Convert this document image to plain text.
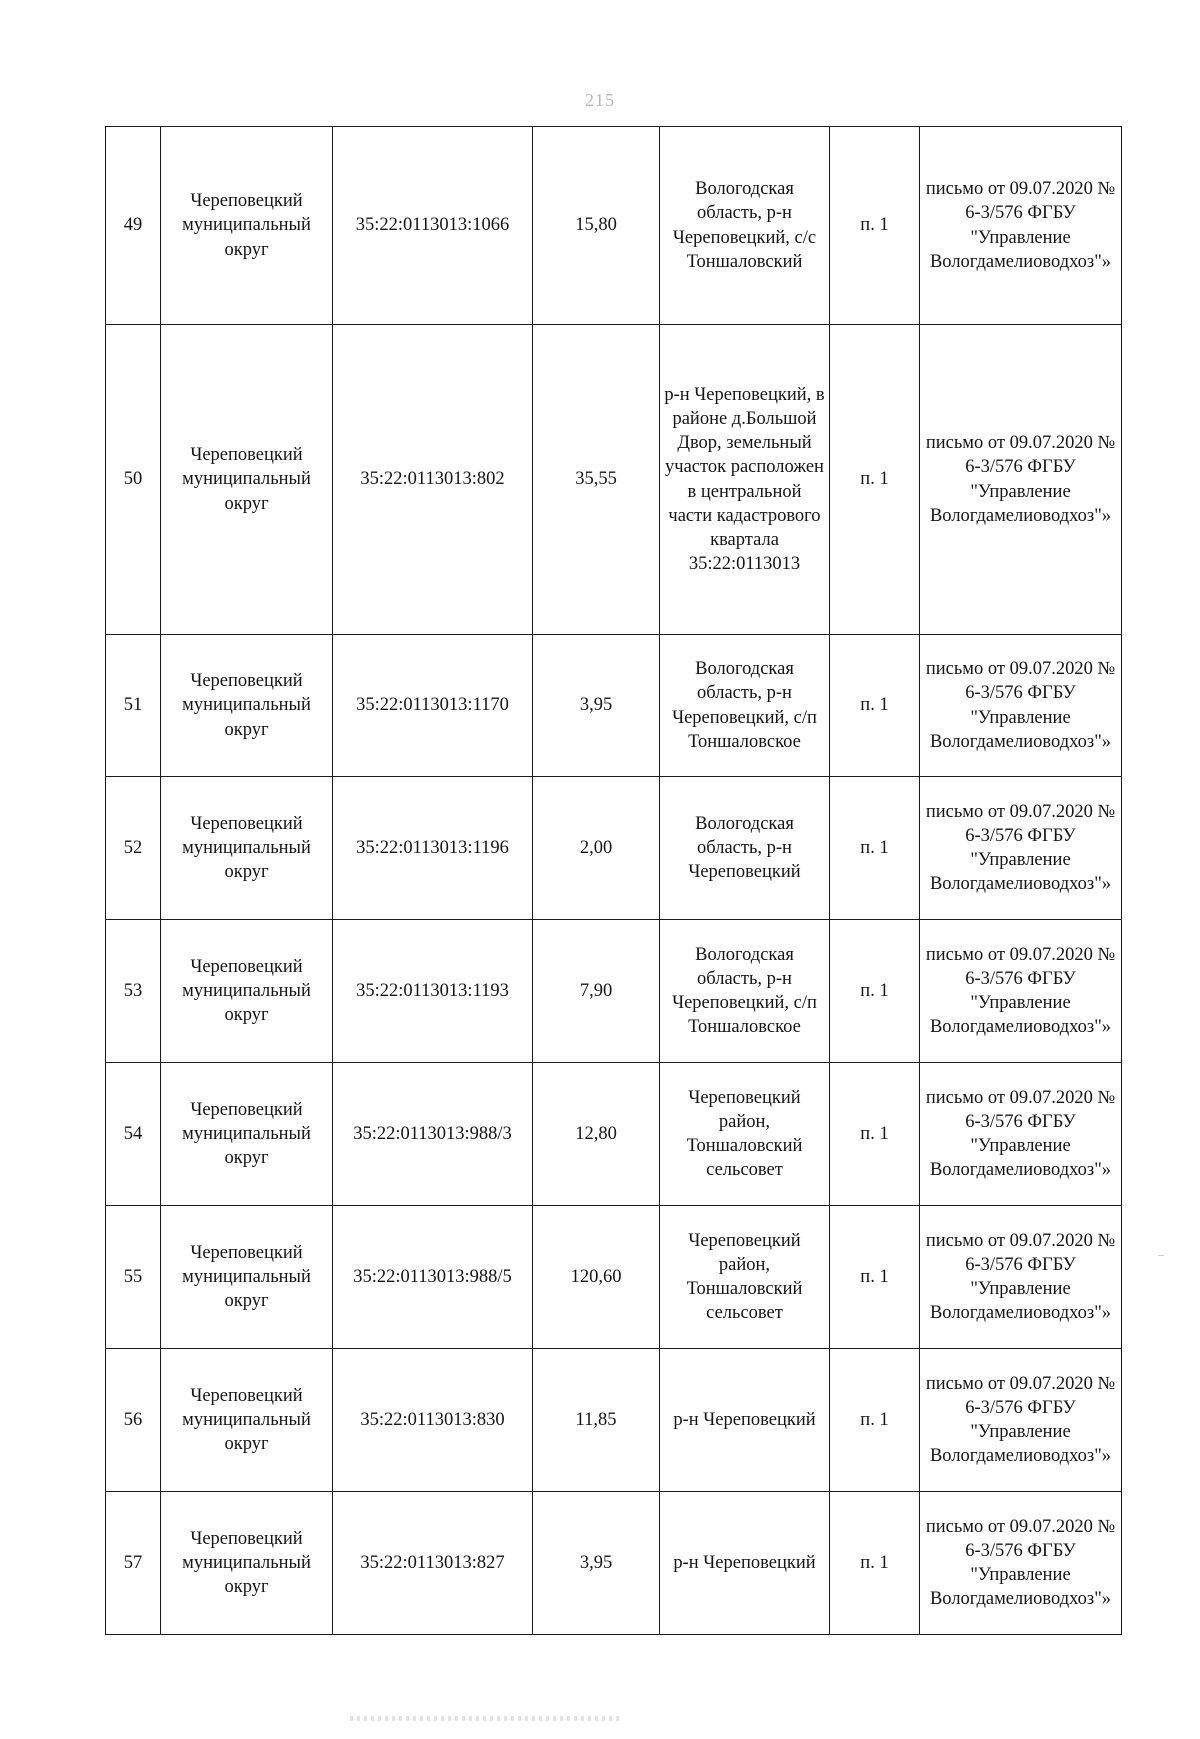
215
49	Череповецкий муниципальный округ	35:22:0113013:1066	15,80	Вологодская область, р-н Череповецкий, с/с Тоншаловский	п. 1	письмо от 09.07.2020 № 6-3/576 ФГБУ "Управление Вологдамелиоводхоз"»
50	Череповецкий муниципальный округ	35:22:0113013:802	35,55	р-н Череповецкий, в районе д.Большой Двор, земельный участок расположен в центральной части кадастрового квартала 35:22:0113013	п. 1	письмо от 09.07.2020 № 6-3/576 ФГБУ "Управление Вологдамелиоводхоз"»
51	Череповецкий муниципальный округ	35:22:0113013:1170	3,95	Вологодская область, р-н Череповецкий, с/п Тоншаловское	п. 1	письмо от 09.07.2020 № 6-3/576 ФГБУ "Управление Вологдамелиоводхоз"»
52	Череповецкий муниципальный округ	35:22:0113013:1196	2,00	Вологодская область, р-н Череповецкий	п. 1	письмо от 09.07.2020 № 6-3/576 ФГБУ "Управление Вологдамелиоводхоз"»
53	Череповецкий муниципальный округ	35:22:0113013:1193	7,90	Вологодская область, р-н Череповецкий, с/п Тоншаловское	п. 1	письмо от 09.07.2020 № 6-3/576 ФГБУ "Управление Вологдамелиоводхоз"»
54	Череповецкий муниципальный округ	35:22:0113013:988/3	12,80	Череповецкий район, Тоншаловский сельсовет	п. 1	письмо от 09.07.2020 № 6-3/576 ФГБУ "Управление Вологдамелиоводхоз"»
55	Череповецкий муниципальный округ	35:22:0113013:988/5	120,60	Череповецкий район, Тоншаловский сельсовет	п. 1	письмо от 09.07.2020 № 6-3/576 ФГБУ "Управление Вологдамелиоводхоз"»
56	Череповецкий муниципальный округ	35:22:0113013:830	11,85	р-н Череповецкий	п. 1	письмо от 09.07.2020 № 6-3/576 ФГБУ "Управление Вологдамелиоводхоз"»
57	Череповецкий муниципальный округ	35:22:0113013:827	3,95	р-н Череповецкий	п. 1	письмо от 09.07.2020 № 6-3/576 ФГБУ "Управление Вологдамелиоводхоз"»
